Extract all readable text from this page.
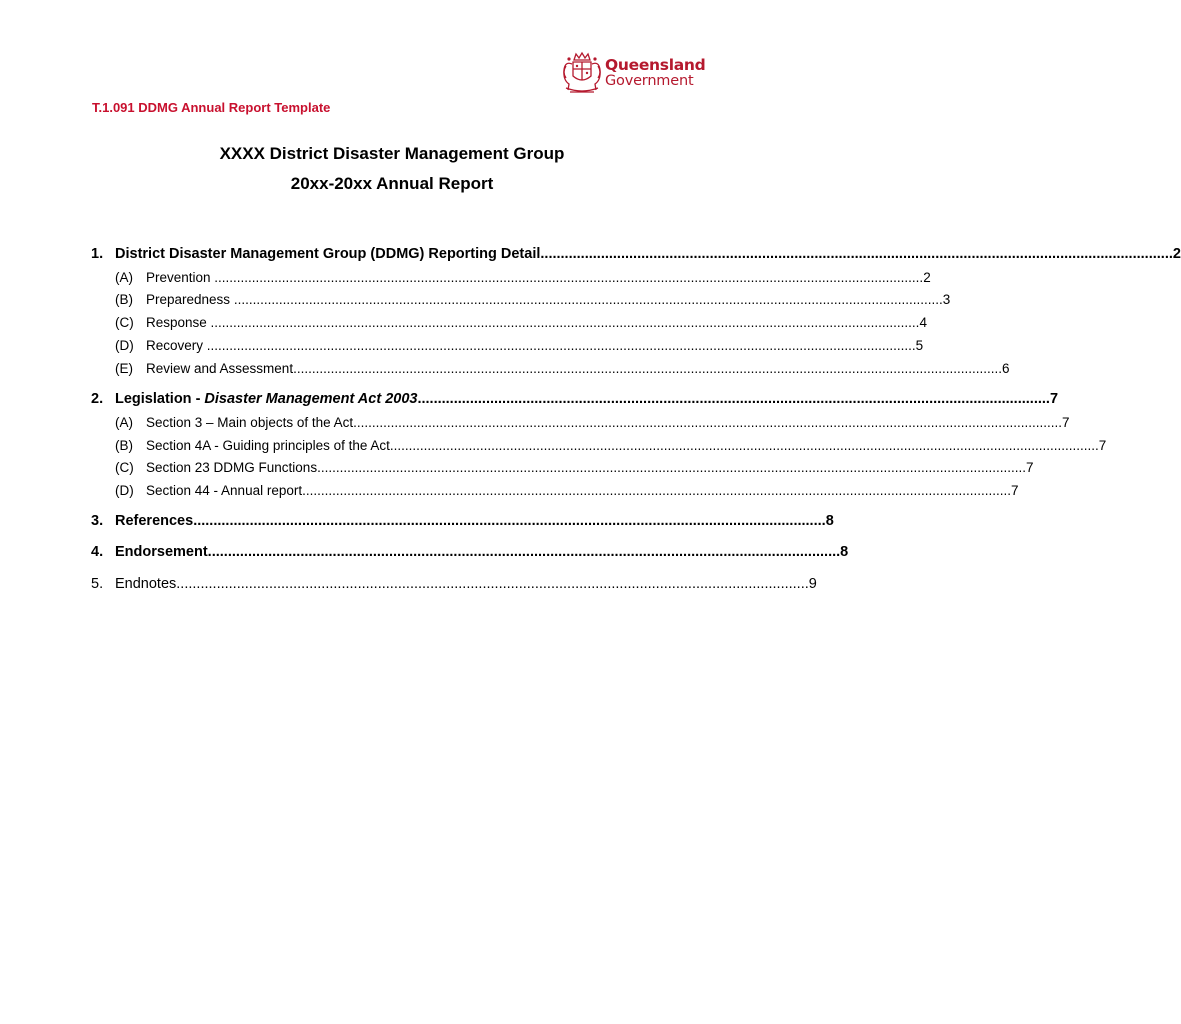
Queensland
Government
T.1.091 DDMG Annual Report Template
XXXX District Disaster Management Group
20xx-20xx Annual Report
1. District Disaster Management Group (DDMG) Reporting Detail ............................................................................................................................................................. 2
(A) Prevention ............................................................................................................................................................................................. 2
(B) Preparedness ............................................................................................................................................................................................. 3
(C) Response ............................................................................................................................................................................................. 4
(D) Recovery ............................................................................................................................................................................................. 5
(E) Review and Assessment ............................................................................................................................................................................................. 6
2. Legislation - Disaster Management Act 2003 ............................................................................................................................................................. 7
(A) Section 3 – Main objects of the Act ............................................................................................................................................................................................. 7
(B) Section 4A - Guiding principles of the Act ............................................................................................................................................................................................. 7
(C) Section 23 DDMG Functions ............................................................................................................................................................................................. 7
(D) Section 44 - Annual report ............................................................................................................................................................................................. 7
3. References ............................................................................................................................................................. 8
4. Endorsement ............................................................................................................................................................. 8
5. Endnotes ............................................................................................................................................................. 9
